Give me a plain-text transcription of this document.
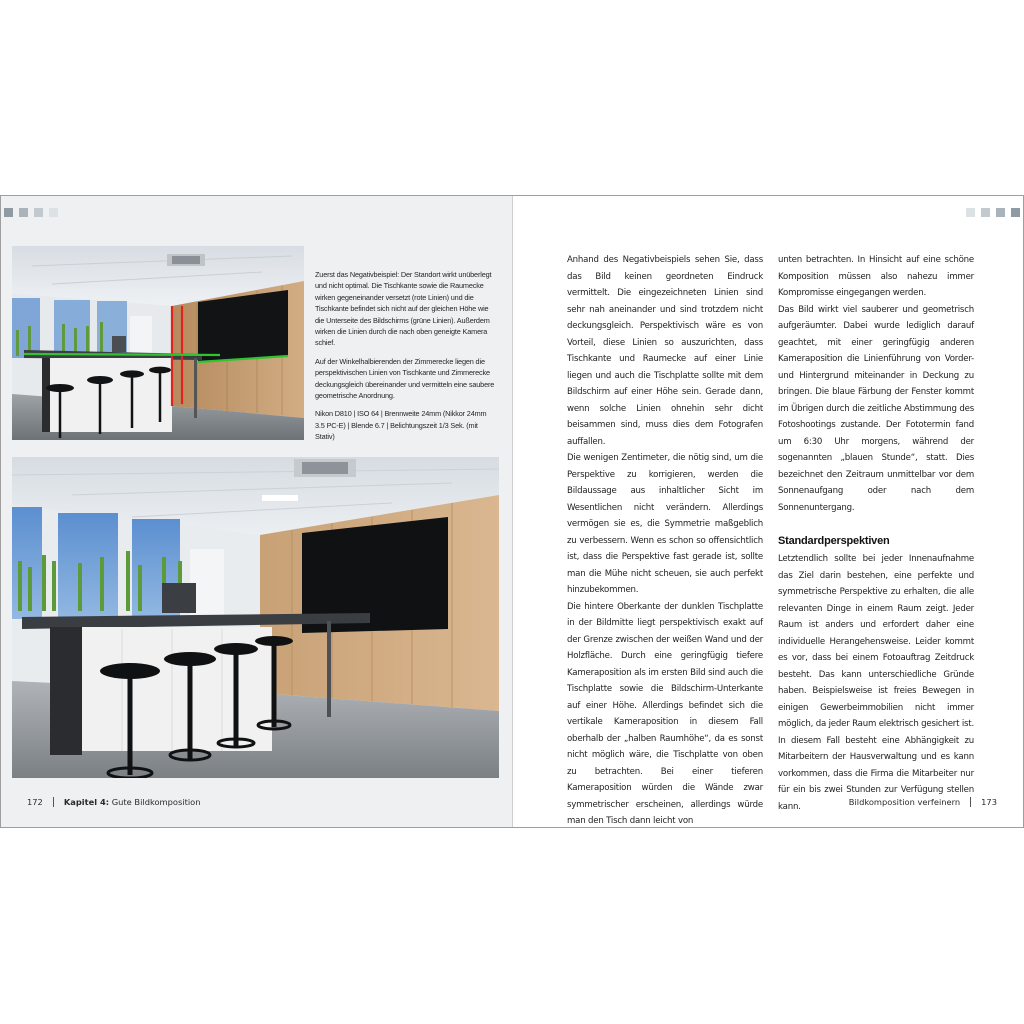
Zuerst das Negativbeispiel: Der Standort wirkt unüberlegt und nicht optimal. Die Tischkante sowie die Raumecke wirken gegeneinander versetzt (rote Linien) und die Tischkante befindet sich nicht auf der gleichen Höhe wie die Unterseite des Bildschirms (grüne Linien). Außerdem wirken die Linien durch die nach oben geneigte Kamera schief.

Auf der Winkelhalbierenden der Zimmerecke liegen die perspektivischen Linien von Tischkante und Zimmerecke deckungsgleich übereinander und vermitteln eine saubere geometrische Anordnung.

Nikon D810 | ISO 64 | Brennweite 24mm (Nikkor 24mm 3.5 PC-E) | Blende 6.7 | Belichtungszeit 1/3 Sek. (mit Stativ)

172	Kapitel 4:
Gute Bildkomposition

Anhand des Negativbeispiels sehen Sie, dass das Bild keinen geordneten Eindruck vermittelt. Die eingezeichneten Linien sind sehr nah aneinander und sind trotzdem nicht deckungsgleich. Perspektivisch wäre es von Vorteil, diese Linien so auszurichten, dass Tischkante und Raumecke auf einer Linie liegen und auch die Tischplatte sollte mit dem Bildschirm auf einer Höhe sein. Gerade dann, wenn solche Linien ohnehin sehr dicht beisammen sind, muss dies dem Fotografen auffallen.

Die wenigen Zentimeter, die nötig sind, um die Perspektive zu korrigieren, werden die Bildaussage aus inhaltlicher Sicht im Wesentlichen nicht verändern. Allerdings vermögen sie es, die Symmetrie maßgeblich zu verbessern. Wenn es schon so offensichtlich ist, dass die Perspektive fast gerade ist, sollte man die Mühe nicht scheuen, sie auch perfekt hinzubekommen.

Die hintere Oberkante der dunklen Tischplatte in der Bildmitte liegt perspektivisch exakt auf der Grenze zwischen der weißen Wand und der Holzfläche. Durch eine geringfügig tiefere Kameraposition als im ersten Bild sind auch die Tischplatte sowie die Bildschirm-Unterkante auf einer Höhe. Allerdings befindet sich die vertikale Kameraposition in diesem Fall oberhalb der „halben Raumhöhe“, da es sonst nicht möglich wäre, die Tischplatte von oben zu betrachten. Bei einer tieferen Kameraposition würden die Wände zwar symmetrischer erscheinen, allerdings würde man den Tisch dann leicht von

unten betrachten. In Hinsicht auf eine schöne Komposition müssen also nahezu immer Kompromisse eingegangen werden.

Das Bild wirkt viel sauberer und geometrisch aufgeräumter. Dabei wurde lediglich darauf geachtet, mit einer geringfügig anderen Kameraposition die Linienführung von Vorder- und Hintergrund miteinander in Deckung zu bringen. Die blaue Färbung der Fenster kommt im Übrigen durch die zeitliche Abstimmung des Fotoshootings zustande. Der Fototermin fand um 6:30 Uhr morgens, während der sogenannten „blauen Stunde“, statt. Dies bezeichnet den Zeitraum unmittelbar vor dem Sonnenaufgang oder nach dem Sonnenuntergang.

Standardperspektiven

Letztendlich sollte bei jeder Innenaufnahme das Ziel darin bestehen, eine perfekte und symmetrische Perspektive zu erhalten, die alle relevanten Dinge in einem Raum zeigt. Jeder Raum ist anders und erfordert daher eine individuelle Herangehensweise. Leider kommt es vor, dass bei einem Fotoauftrag Zeitdruck besteht. Das kann unterschiedliche Gründe haben. Beispielsweise ist freies Bewegen in einigen Gewerbeimmobilien nicht immer möglich, da jeder Raum elektrisch gesichert ist. In diesem Fall besteht eine Abhängigkeit zu Mitarbeitern der Hausverwaltung und es kann vorkommen, dass die Firma die Mitarbeiter nur für ein bis zwei Stunden zur Verfügung stellen kann.	Bildkomposition verfeinern	173
